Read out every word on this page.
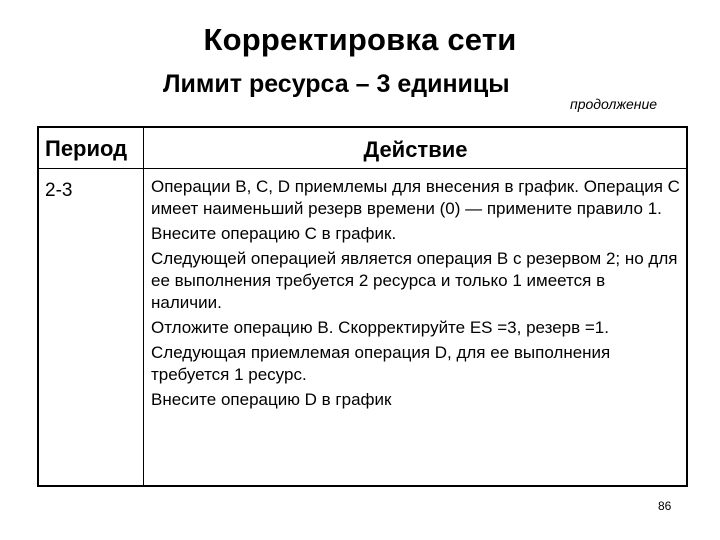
Корректировка сети
Лимит ресурса – 3 единицы
продолжение
Период	Действие
2-3	Операции B, C, D приемлемы для внесения в график. Операция C имеет наименьший резерв времени (0) — примените правило 1.

Внесите операцию C в график.

Следующей операцией является операция B с резервом 2; но для ее выполнения требуется 2 ресурса и только 1 имеется в наличии.

Отложите операцию B. Скорректируйте ES =3, резерв =1.

Следующая приемлемая операция D, для ее выполнения требуется 1 ресурс.

Внесите операцию D в график

86
